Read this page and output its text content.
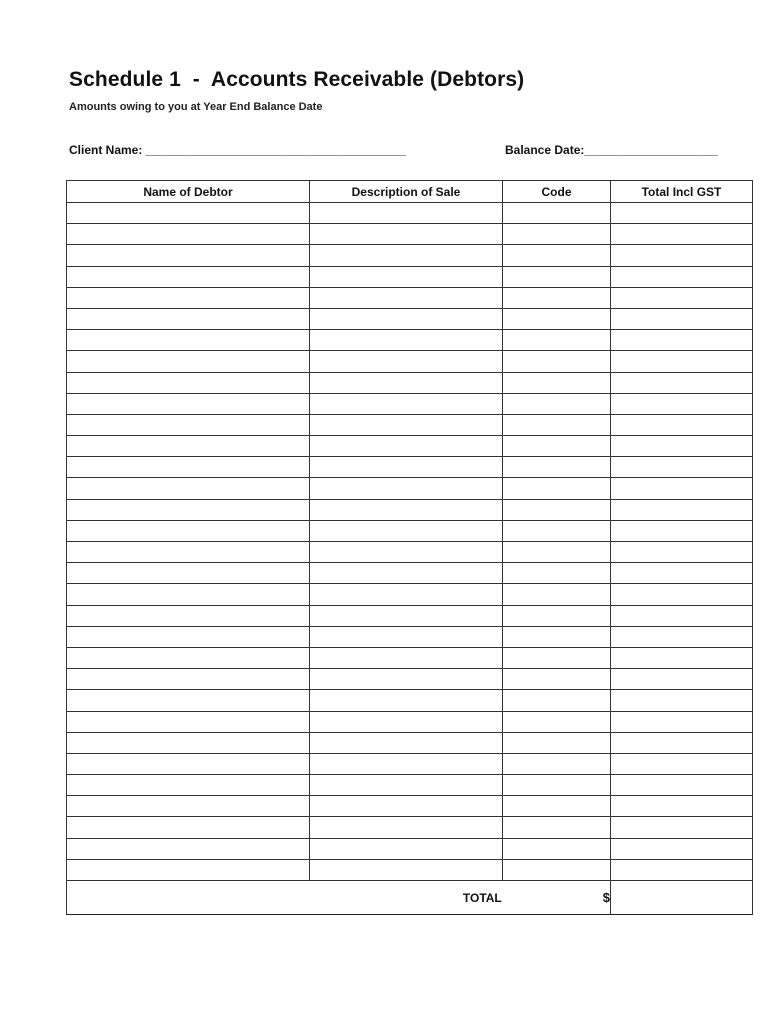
Schedule 1  -  Accounts Receivable (Debtors)
Amounts owing to you at Year End Balance Date
Client Name: _______________________________________	Balance Date:____________________
Name of Debtor	Description of Sale	Code	Total Incl GST

TOTAL $			
